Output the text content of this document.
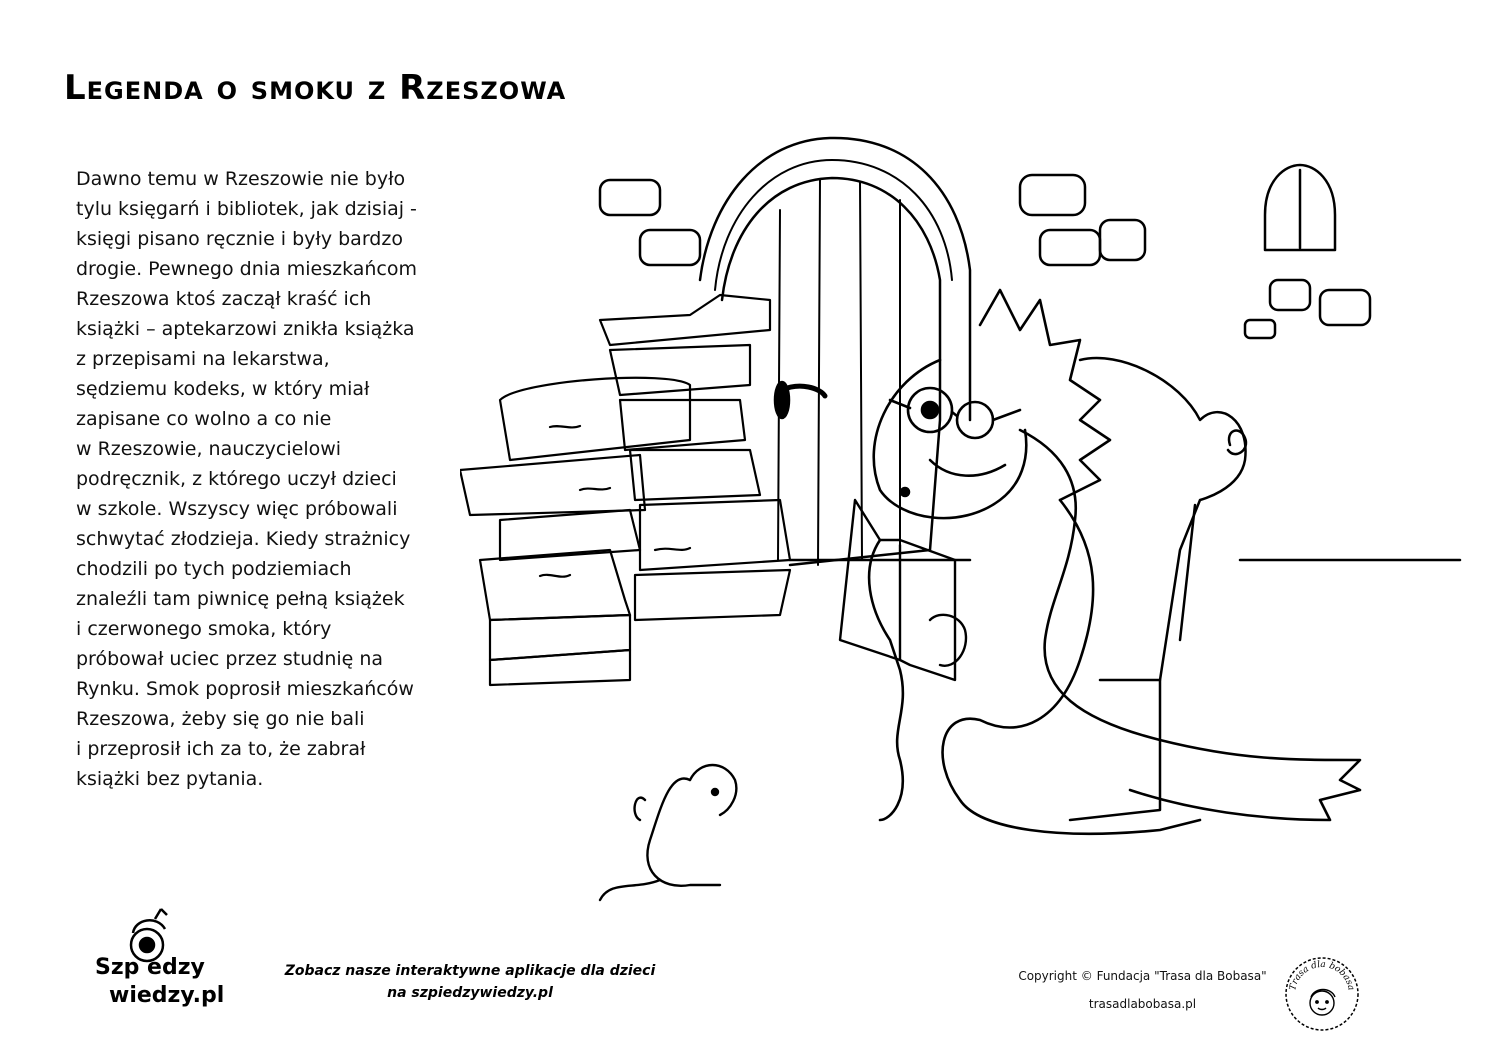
Legenda o smoku z Rzeszowa
Dawno temu w Rzeszowie nie było
tylu księgarń i bibliotek, jak dzisiaj -
księgi pisano ręcznie i były bardzo
drogie. Pewnego dnia mieszkańcom
Rzeszowa ktoś zaczął kraść ich
książki – aptekarzowi znikła książka
z przepisami na lekarstwa,
sędziemu kodeks, w który miał
zapisane co wolno a co nie
w Rzeszowie, nauczycielowi
podręcznik, z którego uczył dzieci
w szkole. Wszyscy więc próbowali
schwytać złodzieja. Kiedy strażnicy
chodzili po tych podziemiach
znaleźli tam piwnicę pełną książek
i czerwonego smoka, który
próbował uciec przez studnię na
Rynku. Smok poprosił mieszkańców
Rzeszowa, żeby się go nie bali
i przeprosił ich za to, że zabrał
książki bez pytania.
Szp edzy
wiedzy.pl
Zobacz nasze interaktywne aplikacje dla dzieci
na szpiedzywiedzy.pl
Copyright © Fundacja "Trasa dla Bobasa"
trasadlabobasa.pl
Trasa dla bobasa
